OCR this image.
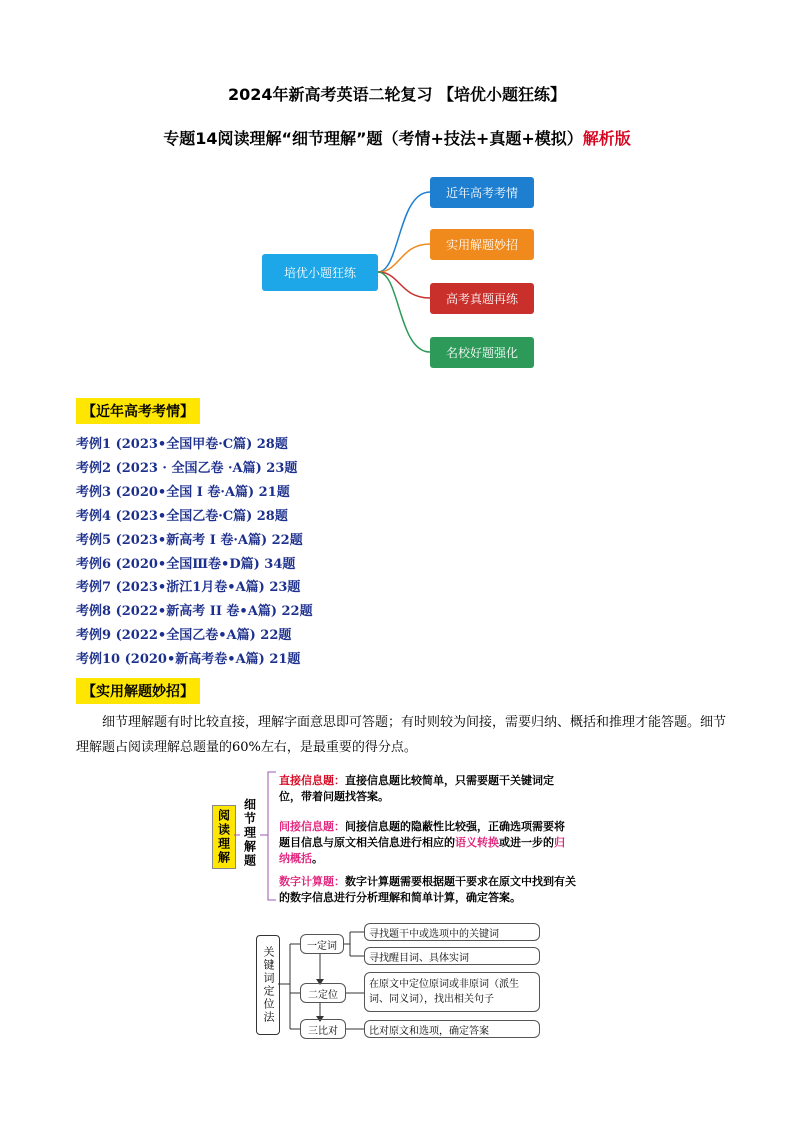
2024年新高考英语二轮复习 【培优小题狂练】
专题14阅读理解“细节理解”题（考情+技法+真题+模拟）解析版
培优小题狂练
近年高考考情
实用解题妙招
高考真题再练
名校好题强化
【近年高考考情】
考例1 (2023•全国甲卷·C篇) 28题
考例2 (2023 · 全国乙卷 ·A篇) 23题
考例3 (2020•全国 I 卷·A篇) 21题
考例4 (2023•全国乙卷·C篇) 28题
考例5 (2023•新高考 I 卷·A篇) 22题
考例6 (2020•全国Ⅲ卷•D篇) 34题
考例7 (2023•浙江1月卷•A篇) 23题
考例8 (2022•新高考 II 卷•A篇) 22题
考例9 (2022•全国乙卷•A篇) 22题
考例10 (2020•新高考卷•A篇) 21题
【实用解题妙招】
细节理解题有时比较直接，理解字面意思即可答题；有时则较为间接，需要归纳、概括和推理才能答题。细节理解题占阅读理解总题量的60%左右，是最重要的得分点。
阅读理解	细节理解题
直接信息题：直接信息题比较简单，只需要题干关键词定位，带着问题找答案。
间接信息题：间接信息题的隐蔽性比较强，正确选项需要将题目信息与原文相关信息进行相应的语义转换或进一步的归纳概括。
数字计算题：数字计算题需要根据题干要求在原文中找到有关的数字信息进行分析理解和简单计算，确定答案。
关键词定位法	一定词
二定位
三比对
寻找题干中或选项中的关键词
寻找醒目词、具体实词
在原文中定位原词或非原词（派生词、同义词），找出相关句子
比对原文和选项，确定答案
